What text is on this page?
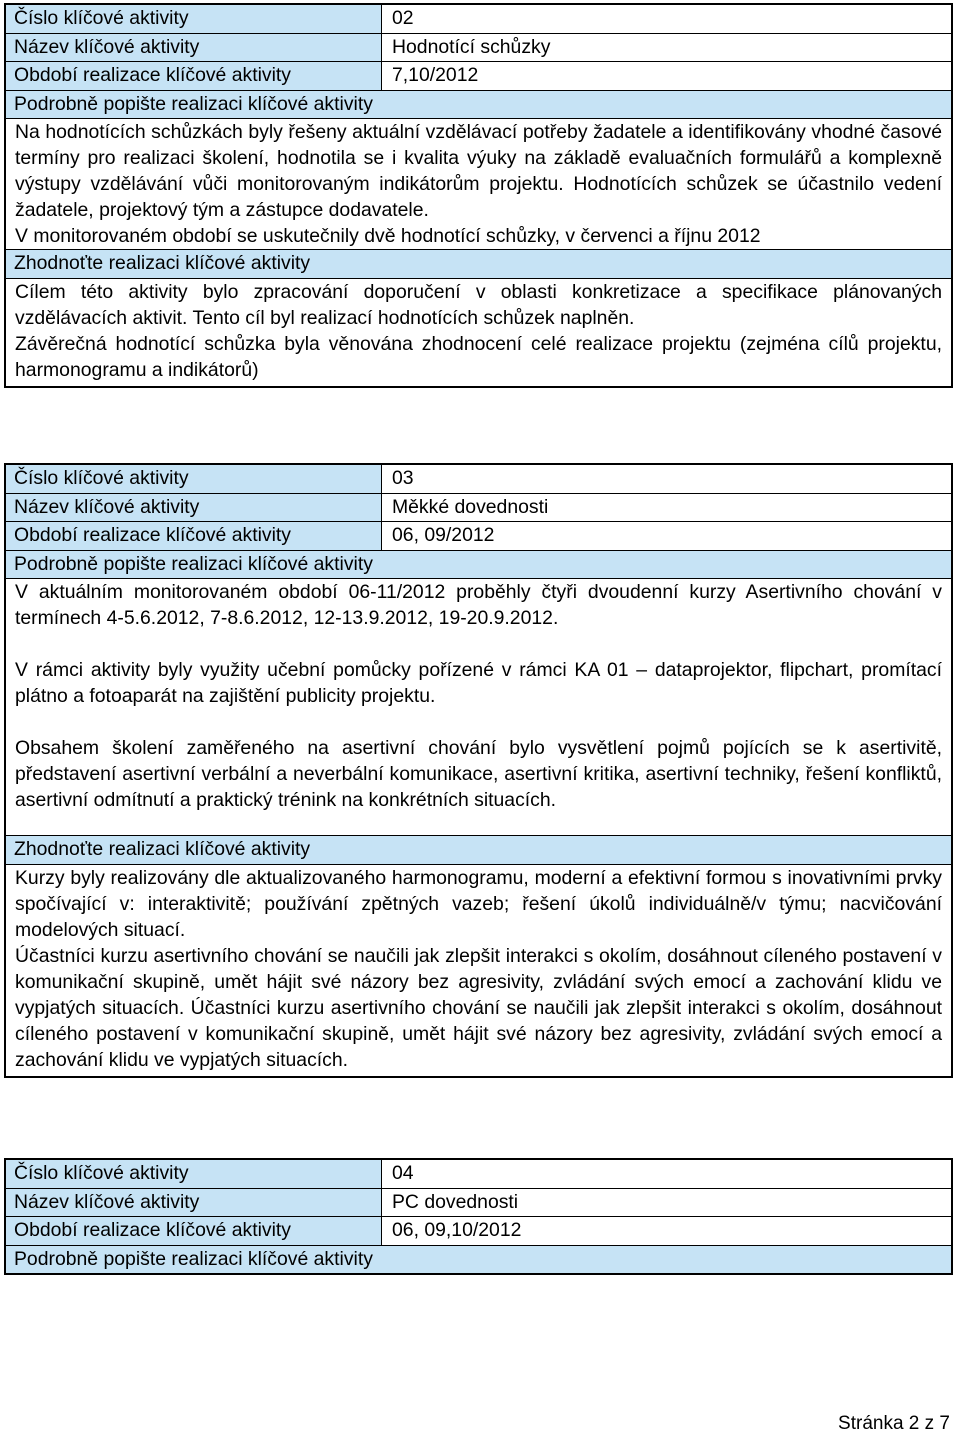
Číslo klíčové aktivity	02
Název klíčové aktivity	Hodnotící schůzky
Období realizace klíčové aktivity	7,10/2012
Podrobně popište realizaci klíčové aktivity

Na hodnotících schůzkách byly řešeny aktuální vzdělávací potřeby žadatele a identifikovány vhodné časové termíny pro realizaci školení, hodnotila se i kvalita výuky na základě evaluačních formulářů a komplexně výstupy vzdělávání vůči monitorovaným indikátorům projektu. Hodnotících schůzek se účastnilo vedení žadatele, projektový tým a zástupce dodavatele.

V monitorovaném období se uskutečnily dvě hodnotící schůzky, v červenci a říjnu 2012

Zhodnoťte realizaci klíčové aktivity

Cílem této aktivity bylo zpracování doporučení v oblasti konkretizace a specifikace plánovaných vzdělávacích aktivit. Tento cíl byl realizací hodnotících schůzek naplněn.

Závěrečná hodnotící schůzka byla věnována zhodnocení celé realizace projektu (zejména cílů projektu, harmonogramu a indikátorů)

Číslo klíčové aktivity	03
Název klíčové aktivity	Měkké dovednosti
Období realizace klíčové aktivity	06, 09/2012
Podrobně popište realizaci klíčové aktivity

V aktuálním monitorovaném období 06-11/2012 proběhly čtyři dvoudenní kurzy Asertivního chování v termínech 4-5.6.2012, 7-8.6.2012, 12-13.9.2012, 19-20.9.2012.

V rámci aktivity byly využity učební pomůcky pořízené v rámci KA 01 – dataprojektor, flipchart, promítací plátno a fotoaparát na zajištění publicity projektu.

Obsahem školení zaměřeného na asertivní chování bylo vysvětlení pojmů pojících se k asertivitě, představení asertivní verbální a neverbální komunikace, asertivní kritika, asertivní techniky, řešení konfliktů, asertivní odmítnutí a praktický trénink na konkrétních situacích.

Zhodnoťte realizaci klíčové aktivity

Kurzy byly realizovány dle aktualizovaného harmonogramu, moderní a efektivní formou s inovativními prvky spočívající v: interaktivitě; používání zpětných vazeb; řešení úkolů individuálně/v týmu; nacvičování modelových situací.

Účastníci kurzu asertivního chování se naučili jak zlepšit interakci s okolím, dosáhnout cíleného postavení v komunikační skupině, umět hájit své názory bez agresivity, zvládání svých emocí a zachování klidu ve vypjatých situacích. Účastníci kurzu asertivního chování se naučili jak zlepšit interakci s okolím, dosáhnout cíleného postavení v komunikační skupině, umět hájit své názory bez agresivity, zvládání svých emocí a zachování klidu ve vypjatých situacích.

Číslo klíčové aktivity	04
Název klíčové aktivity	PC dovednosti
Období realizace klíčové aktivity	06, 09,10/2012
Podrobně popište realizaci klíčové aktivity
Stránka 2 z 7
